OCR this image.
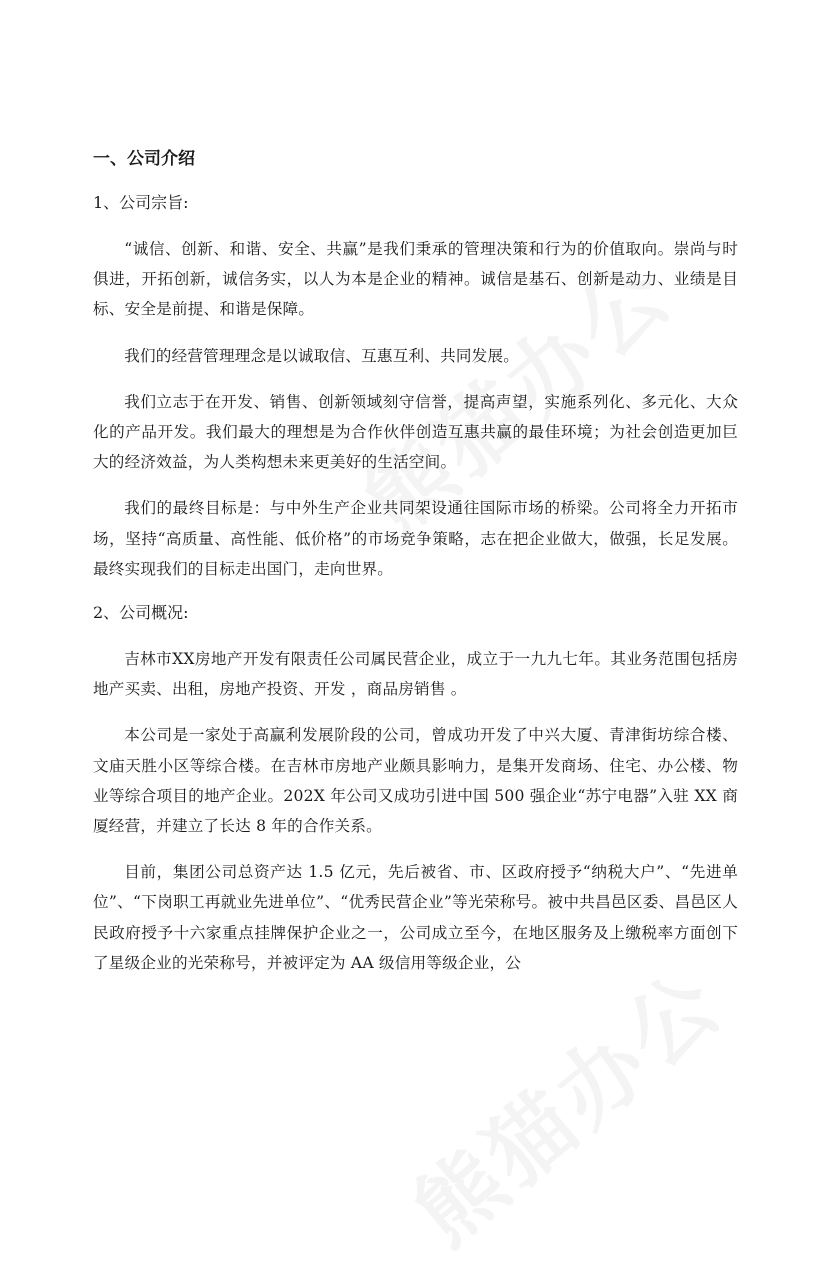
一、公司介绍
1、公司宗旨:

“诚信、创新、和谐、安全、共赢”是我们秉承的管理决策和行为的价值取向。崇尚与时俱进，开拓创新，诚信务实，以人为本是企业的精神。诚信是基石、创新是动力、业绩是目标、安全是前提、和谐是保障。

我们的经营管理理念是以诚取信、互惠互利、共同发展。

我们立志于在开发、销售、创新领域刻守信誉，提高声望，实施系列化、多元化、大众化的产品开发。我们最大的理想是为合作伙伴创造互惠共赢的最佳环境；为社会创造更加巨大的经济效益，为人类构想未来更美好的生活空间。

我们的最终目标是：与中外生产企业共同架设通往国际市场的桥梁。公司将全力开拓市场，坚持“高质量、高性能、低价格”的市场竞争策略，志在把企业做大，做强，长足发展。最终实现我们的目标走出国门，走向世界。

2、公司概况:

吉林市XX房地产开发有限责任公司属民营企业，成立于一九九七年。其业务范围包括房地产买卖、出租，房地产投资、开发 ，商品房销售 。

本公司是一家处于高赢利发展阶段的公司，曾成功开发了中兴大厦、青津街坊综合楼、文庙天胜小区等综合楼。在吉林市房地产业颇具影响力，是集开发商场、住宅、办公楼、物业等综合项目的地产企业。202X 年公司又成功引进中国 500 强企业“苏宁电器”入驻 XX 商厦经营，并建立了长达 8 年的合作关系。

目前，集团公司总资产达 1.5 亿元，先后被省、市、区政府授予“纳税大户”、“先进单位”、“下岗职工再就业先进单位”、“优秀民营企业”等光荣称号。被中共昌邑区委、昌邑区人民政府授予十六家重点挂牌保护企业之一，公司成立至今，在地区服务及上缴税率方面创下了星级企业的光荣称号，并被评定为 AA 级信用等级企业，公
